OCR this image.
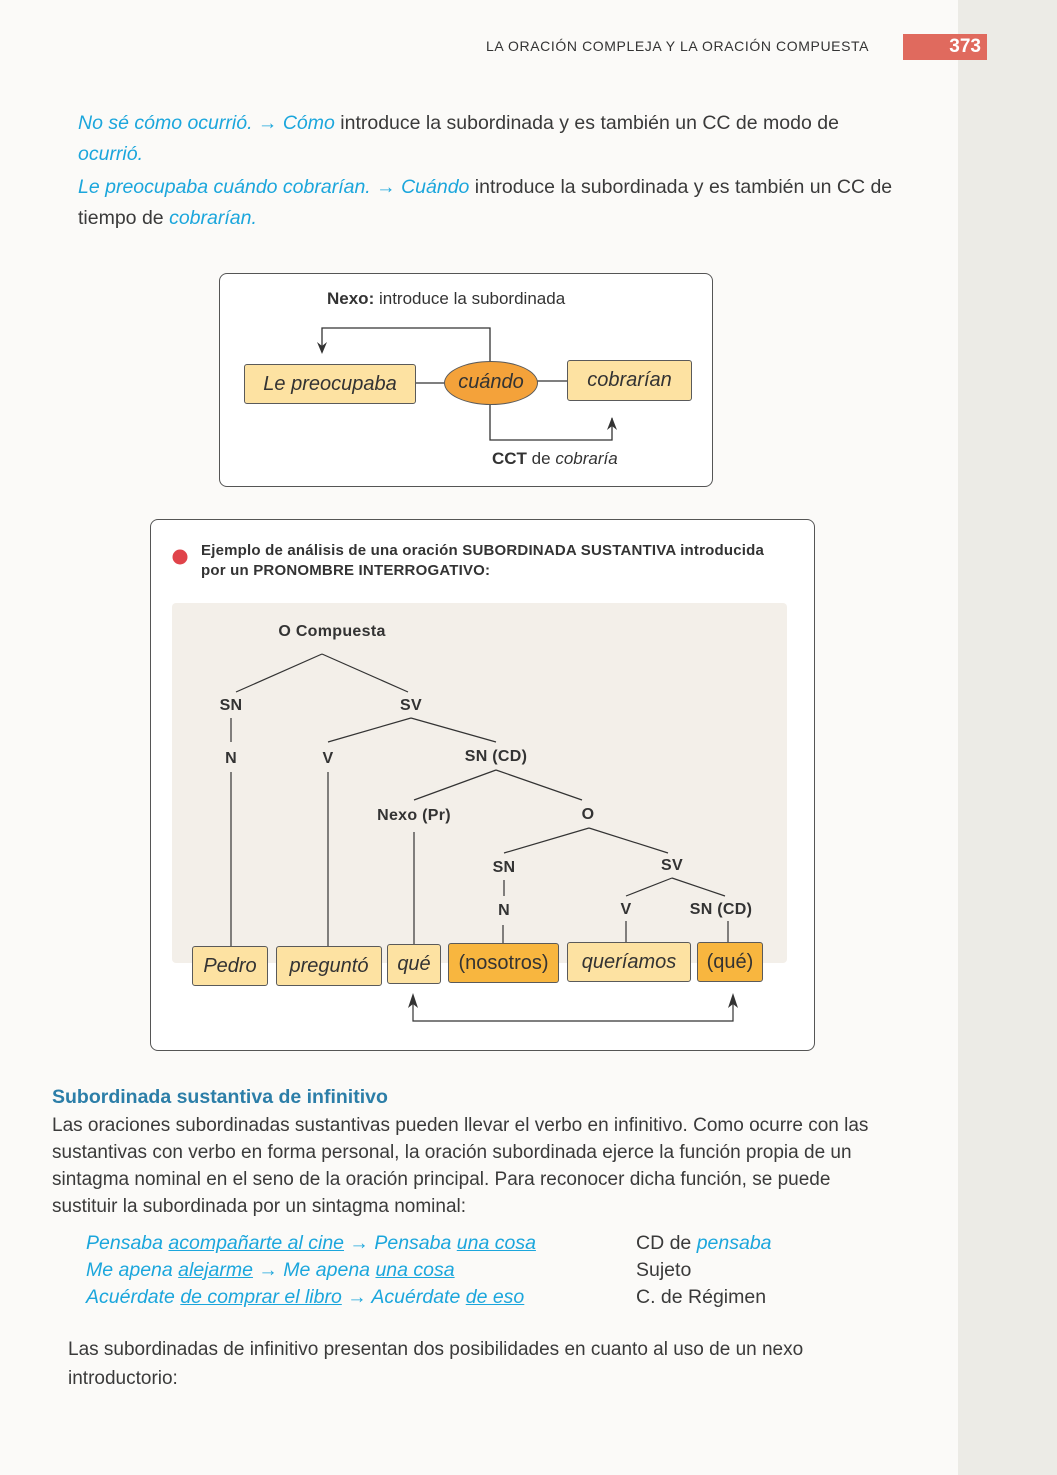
LA ORACIÓN COMPLEJA Y LA ORACIÓN COMPUESTA	373
No sé cómo ocurrió. → Cómo introduce la subordinada y es también un CC de modo de ocurrió.
Le preocupaba cuándo cobrarían. → Cuándo introduce la subordinada y es también un CC de tiempo de cobrarían.
Nexo: introduce la subordinada
Le preocupaba	cuándo	cobrarían
CCT de cobraría
Ejemplo de análisis de una oración SUBORDINADA SUSTANTIVA introducida
por un PRONOMBRE INTERROGATIVO:
O Compuesta
SN	SV
N	V	SN (CD)
Nexo (Pr)	O
SN	SV
N	V	SN (CD)
Pedro	preguntó	qué	(nosotros)	queríamos	(qué)
Subordinada sustantiva de infinitivo
Las oraciones subordinadas sustantivas pueden llevar el verbo en infinitivo. Como ocurre con las sustantivas con verbo en forma personal, la oración subordinada ejerce la función propia de un sintagma nominal en el seno de la oración principal. Para reconocer dicha función, se puede sustituir la subordinada por un sintagma nominal:
Pensaba acompañarte al cine → Pensaba una cosa	CD de pensaba
Me apena alejarme → Me apena una cosa	Sujeto
Acuérdate de comprar el libro → Acuérdate de eso	C. de Régimen
Las subordinadas de infinitivo presentan dos posibilidades en cuanto al uso de un nexo introductorio:
